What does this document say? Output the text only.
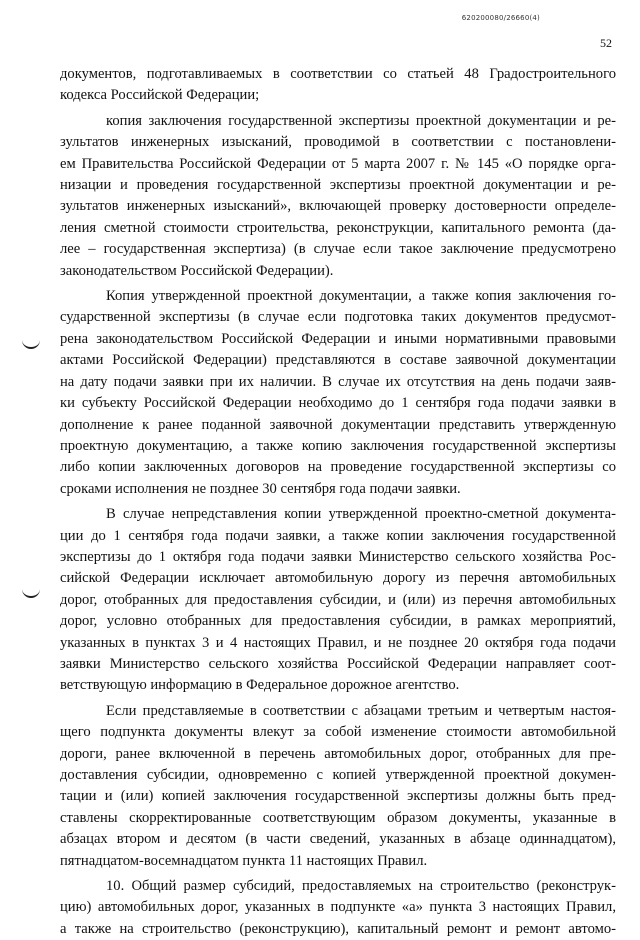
620200080/26660(4)
52
документов, подготавливаемых в соответствии со статьей 48 Градостроительного
кодекса Российской Федерации;
копия заключения государственной экспертизы проектной документации и ре-
зультатов инженерных изысканий, проводимой в соответствии с постановлени-
ем Правительства Российской Федерации от 5 марта 2007 г. № 145 «О порядке орга-
низации и проведения государственной экспертизы проектной документации и ре-
зультатов инженерных изысканий», включающей проверку достоверности определе-
ления сметной стоимости строительства, реконструкции, капитального ремонта (да-
лее – государственная экспертиза) (в случае если такое заключение предусмотрено
законодательством Российской Федерации).
Копия утвержденной проектной документации, а также копия заключения го-
сударственной экспертизы (в случае если подготовка таких документов предусмот-
рена законодательством Российской Федерации и иными нормативными правовыми
актами Российской Федерации) представляются в составе заявочной документации
на дату подачи заявки при их наличии. В случае их отсутствия на день подачи заяв-
ки субъекту Российской Федерации необходимо до 1 сентября года подачи заявки в
дополнение к ранее поданной заявочной документации представить утвержденную
проектную документацию, а также копию заключения государственной экспертизы
либо копии заключенных договоров на проведение государственной экспертизы со
сроками исполнения не позднее 30 сентября года подачи заявки.
В случае непредставления копии утвержденной проектно-сметной документа-
ции до 1 сентября года подачи заявки, а также копии заключения государственной
экспертизы до 1 октября года подачи заявки Министерство сельского хозяйства Рос-
сийской Федерации исключает автомобильную дорогу из перечня автомобильных
дорог, отобранных для предоставления субсидии, и (или) из перечня автомобильных
дорог, условно отобранных для предоставления субсидии, в рамках мероприятий,
указанных в пунктах 3 и 4 настоящих Правил, и не позднее 20 октября года подачи
заявки Министерство сельского хозяйства Российской Федерации направляет соот-
ветствующую информацию в Федеральное дорожное агентство.
Если представляемые в соответствии с абзацами третьим и четвертым настоя-
щего подпункта документы влекут за собой изменение стоимости автомобильной
дороги, ранее включенной в перечень автомобильных дорог, отобранных для пре-
доставления субсидии, одновременно с копией утвержденной проектной докумен-
тации и (или) копией заключения государственной экспертизы должны быть пред-
ставлены скорректированные соответствующим образом документы, указанные в
абзацах втором и десятом (в части сведений, указанных в абзаце одиннадцатом),
пятнадцатом-восемнадцатом пункта 11 настоящих Правил.
10. Общий размер субсидий, предоставляемых на строительство (реконструк-
цию) автомобильных дорог, указанных в подпункте «а» пункта 3 настоящих Правил,
а также на строительство (реконструкцию), капитальный ремонт и ремонт автомо-
